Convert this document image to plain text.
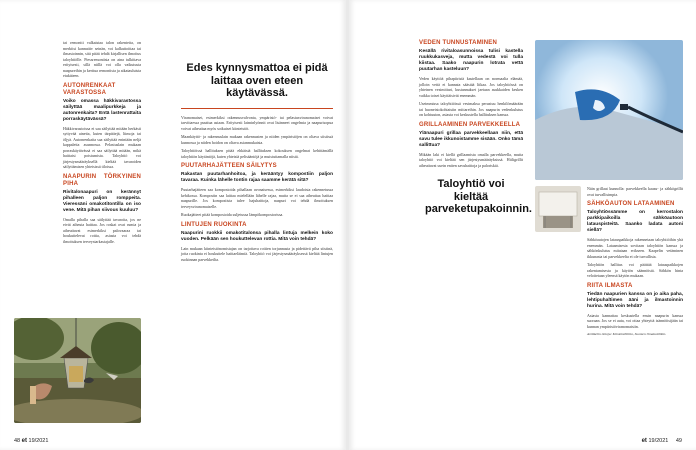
tai remontti valkaistaa talon rakenteita, on merkitsi kannattiv seinän, voi kalkuttoittaa tai ilmastoinnin, sitä pitää tehdä kirjallisen ilmoitus taloyhtiölle. Piessremontista on aina tulkittava erityisesti, sillä niillä voi olla vaikutusta naapureihin ja kerttua remontista ja aikatauluista etukäteen.

AUTONRENKAAT VARASTOSSA
Voiko omassa häkkivarastossa säilyttää maalipurkkeja ja autonrenkaita? Entä lastenrattaita porraskäytävässä?

Häkkivarastoissa ei saa säilyttää mitään herkästi syttyvää ainetta, kuten tärpättejä, liimoja tai öljyä. Autonrenkaita saa säilyttää enintään neljä kappaletta asunnossa. Pelastuslain mukaan porraskäytävässä ei saa säilyttää mitään, mikä haittaisi poistumista. Taloyhtiö voi järjestysmääräyksellä kieltää tavaroiden säilyttämisen yhteisissä tiloissa.

NAAPURIN TÖRKYINEN PIHA
Rivitalonaapuri on kerännyt pihalleen paljon romppeita. Vieressäni omakotitontilla on iso vene. Mitä pihan siivous kuuluu?

Omalla pihalla saa säilyttää tavaroita, jos ne eivät aiheuta haittaa. Jos roskat ovat rumia ja aiheuttavat esimerkiksi palovaaraa tai houkuttelevat rottia, asiasta voi tehdä ilmoituksen terveystarkastajalle.

Edes kynnysmattoa ei pidä laittaa oven eteen käytävässä.

Viranomaiset, esimerkiksi rakennusvalvonta, ympäristö- tai pelastusviranomaiset voivat tarvittaessa puuttua asiaan. Erityisesti laiminlyönnit ovat lisänneet ongelmia ja naapurisopua voivat aiheuttaa myös sotkuiset kiinteistöt.

Maankäyttö- ja rakennuslain mukaan rakennusten ja niiden ympäristöjen on oltava siistissä kunnossa ja niiden hoidon on oltava asianmukaista.

Taloyhtiöissä hallituksen pitää ehkäistä hallituksen kokouksen ongelmat kehittämällä taloyhtiön käytäntöjä, kuten yhteisiä pelisääntöjä ja muistuttamalla niistä.

PUUTARHAJÄTTEEN SÄILYTYS
Rakastan puutarhanhoitoa, ja kerääntyy kompostiin paljon tavaraa. Kuinka lähelle tontin rajaa saamme kerätä sitä?

Puutarhajätteen saa kompostoida pihallaan avonaisessa, esimerkiksi laudoista rakennetussa kehikossa. Kompostin saa laittaa mielellään lähelle rajaa, mutta se ei saa aiheuttaa haittaa naapurille. Jos kompostista tulee hajuhaittoja, naapuri voi tehdä ilmoituksen terveysviranomaiselle.

Ruokajätteet pitää kompostoida suljetussa lämpökompostorissa.

LINTUJEN RUOKINTA
Naapurini ruokkii omakotitalonsa pihalla lintuja melkein koko vuoden. Pelkään sen houkuttelevan rottia. Mitä voin tehdä?

Lain mukaan kiinteistönomistajan on tarjottava rottien torjunnasta ja pidettävä piha siistinä, jotta ruokinta ei houkuttele haittaeläimiä. Taloyhtiö voi järjestysmääräyksessä kieltää lintujen ruokinnan parvekkeilta.

48 et 19/2021
VEDEN TUNNUSTAMINEN
Kesällä rivitaloasunnoissa tulisi kastella ruukkukasveja, mutta vedestä voi tulla kiistaa. Saako naapurin lotrata vettä puutarhan kasteluun?

Veden käyttöä pihapiiristä kastellaan on normaalia elämää, jolloin vettä ei kannata säästää liikaa. Jos taloyhtiössä on yhteinen vesimittari, kustannukset jaetaan asukkaiden kesken vaikka toiset käyttäisivät enemmän.

Useimmissa taloyhtiöissä vesimaksu perustuu henkilömäärään tai huoneistokohtaisiin mittareihin. Jos naapurin vedenkulutus on kohtuuton, asiasta voi keskustella hallituksen kanssa.

GRILLAAMINEN PARVEKKEELLA
Ylänaapuri grillaa parvekkeellaan niin, että savu tulee ikkunoistamme sisään. Onko tämä sallittua?

Mikään laki ei kiellä grillaamista omalla parvekkeella, mutta taloyhtiö voi kieltää sen järjestysmääräyksissä. Hiiligrillit aiheuttavat usein eniten savuhaittoja ja paloriskiä.

Taloyhtiö voi kieltää parveketupakoinnin.

Näin grillaat kunnolla: parvekkeella kaasu- ja sähkögrillit ovat turvallisimpia.

SÄHKÖAUTON LATAAMINEN
Taloyhtiössämme on kerrostalon parkkipaikoilla sähköautoon latauspisteitä. Saanko ladata autoni siellä?

Sähköautojen latauspaikkoja rakennetaan taloyhtiöihin yhä enemmän. Lataamisesta sovitaan taloyhtiön kanssa ja sähkönkulutus mitataan erikseen. Kaapelin vetäminen ikkunasta tai parvekkeelta ei ole turvallista.

Taloyhtiön hallitus voi päättää latauspaikkojen rakentamisesta ja käytön säännöistä. Sähkön hinta veloitetaan yleensä käytön mukaan.

RIITA ILMASTA
Tiedän naapurien kanssa on jo aika paha, lehtipuhaltimen ääni ja ilmastoinnin hurina. Mitä voin tehdä?

Asiasta kannattaa keskustella ensin naapurin kanssa suoraan. Jos se ei auta, voi ottaa yhteyttä isännöitsijään tai kunnan ympäristöviranomaisiin.

Artikkelin tietoja: Kiinteistöliitto, Suomen Omakotiliitto.

et 19/2021 49
